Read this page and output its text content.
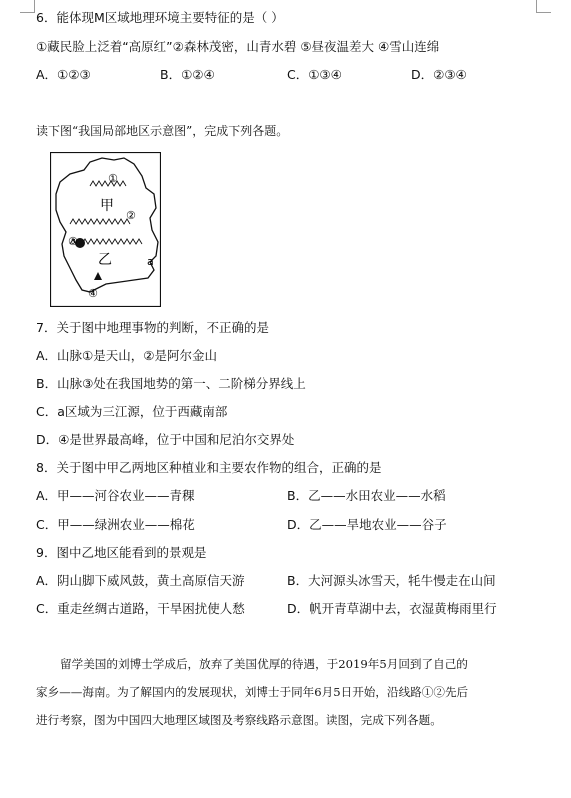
6．能体现M区域地理环境主要特征的是（ ）
①藏民脸上泛着“高原红”②森林茂密，山青水碧 ⑤昼夜温差大 ④雪山连绵
A．①②③	B．①②④	C．①③④	D．②③④
读下图“我国局部地区示意图”，完成下列各题。
①
甲
②
③
乙	a
④
7．关于图中地理事物的判断，不正确的是
A．山脉①是天山，②是阿尔金山
B．山脉③处在我国地势的第一、二阶梯分界线上
C．a区域为三江源，位于西藏南部
D．④是世界最高峰，位于中国和尼泊尔交界处
8．关于图中甲乙两地区种植业和主要农作物的组合，正确的是
A．甲——河谷农业——青稞	B．乙——水田农业——水稻
C．甲——绿洲农业——棉花	D．乙——旱地农业——谷子
9．图中乙地区能看到的景观是
A．阴山脚下威风鼓，黄土高原信天游	B．大河源头冰雪天，牦牛慢走在山间
C．重走丝绸古道路，干旱困扰使人愁	D．帆开青草湖中去，衣湿黄梅雨里行
留学美国的刘博士学成后，放弃了美国优厚的待遇，于2019年5月回到了自己的
家乡——海南。为了解国内的发展现状，刘博士于同年6月5日开始，沿线路①②先后
进行考察，图为中国四大地理区域图及考察线路示意图。读图，完成下列各题。
